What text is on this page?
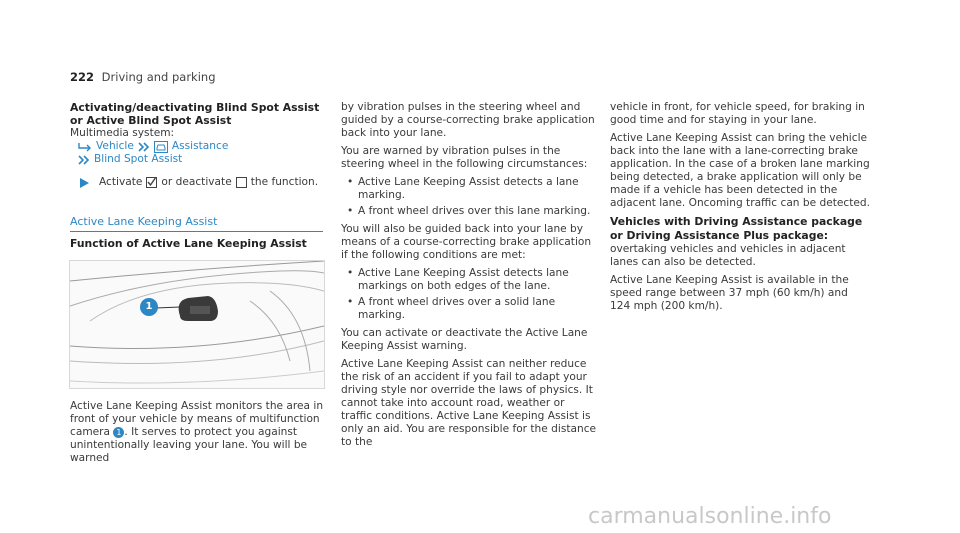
222 Driving and parking
Activating/deactivating Blind Spot Assist or Active Blind Spot Assist
Multimedia system:
Vehicle	Assistance
Blind Spot Assist
Activate or deactivate the function.
Active Lane Keeping Assist
Function of Active Lane Keeping Assist
1

Active Lane Keeping Assist monitors the area in front of your vehicle by means of multifunction camera 1 . It serves to protect you against unintentionally leaving your lane. You will be warned

by vibration pulses in the steering wheel and guided by a course-correcting brake application back into your lane.

You are warned by vibration pulses in the steering wheel in the following circumstances:

• Active Lane Keeping Assist detects a lane marking.
• A front wheel drives over this lane marking.

You will also be guided back into your lane by means of a course-correcting brake application if the following conditions are met:

• Active Lane Keeping Assist detects lane markings on both edges of the lane.
• A front wheel drives over a solid lane marking.

You can activate or deactivate the Active Lane Keeping Assist warning.

Active Lane Keeping Assist can neither reduce the risk of an accident if you fail to adapt your driving style nor override the laws of physics. It cannot take into account road, weather or traffic conditions. Active Lane Keeping Assist is only an aid. You are responsible for the distance to the

vehicle in front, for vehicle speed, for braking in good time and for staying in your lane.

Active Lane Keeping Assist can bring the vehicle back into the lane with a lane-correcting brake application. In the case of a broken lane marking being detected, a brake application will only be made if a vehicle has been detected in the adjacent lane. Oncoming traffic can be detected.

Vehicles with Driving Assistance package or Driving Assistance Plus package: overtaking vehicles and vehicles in adjacent lanes can also be detected.

Active Lane Keeping Assist is available in the speed range between 37 mph (60 km/h) and 124 mph (200 km/h).

carmanualsonline.info
